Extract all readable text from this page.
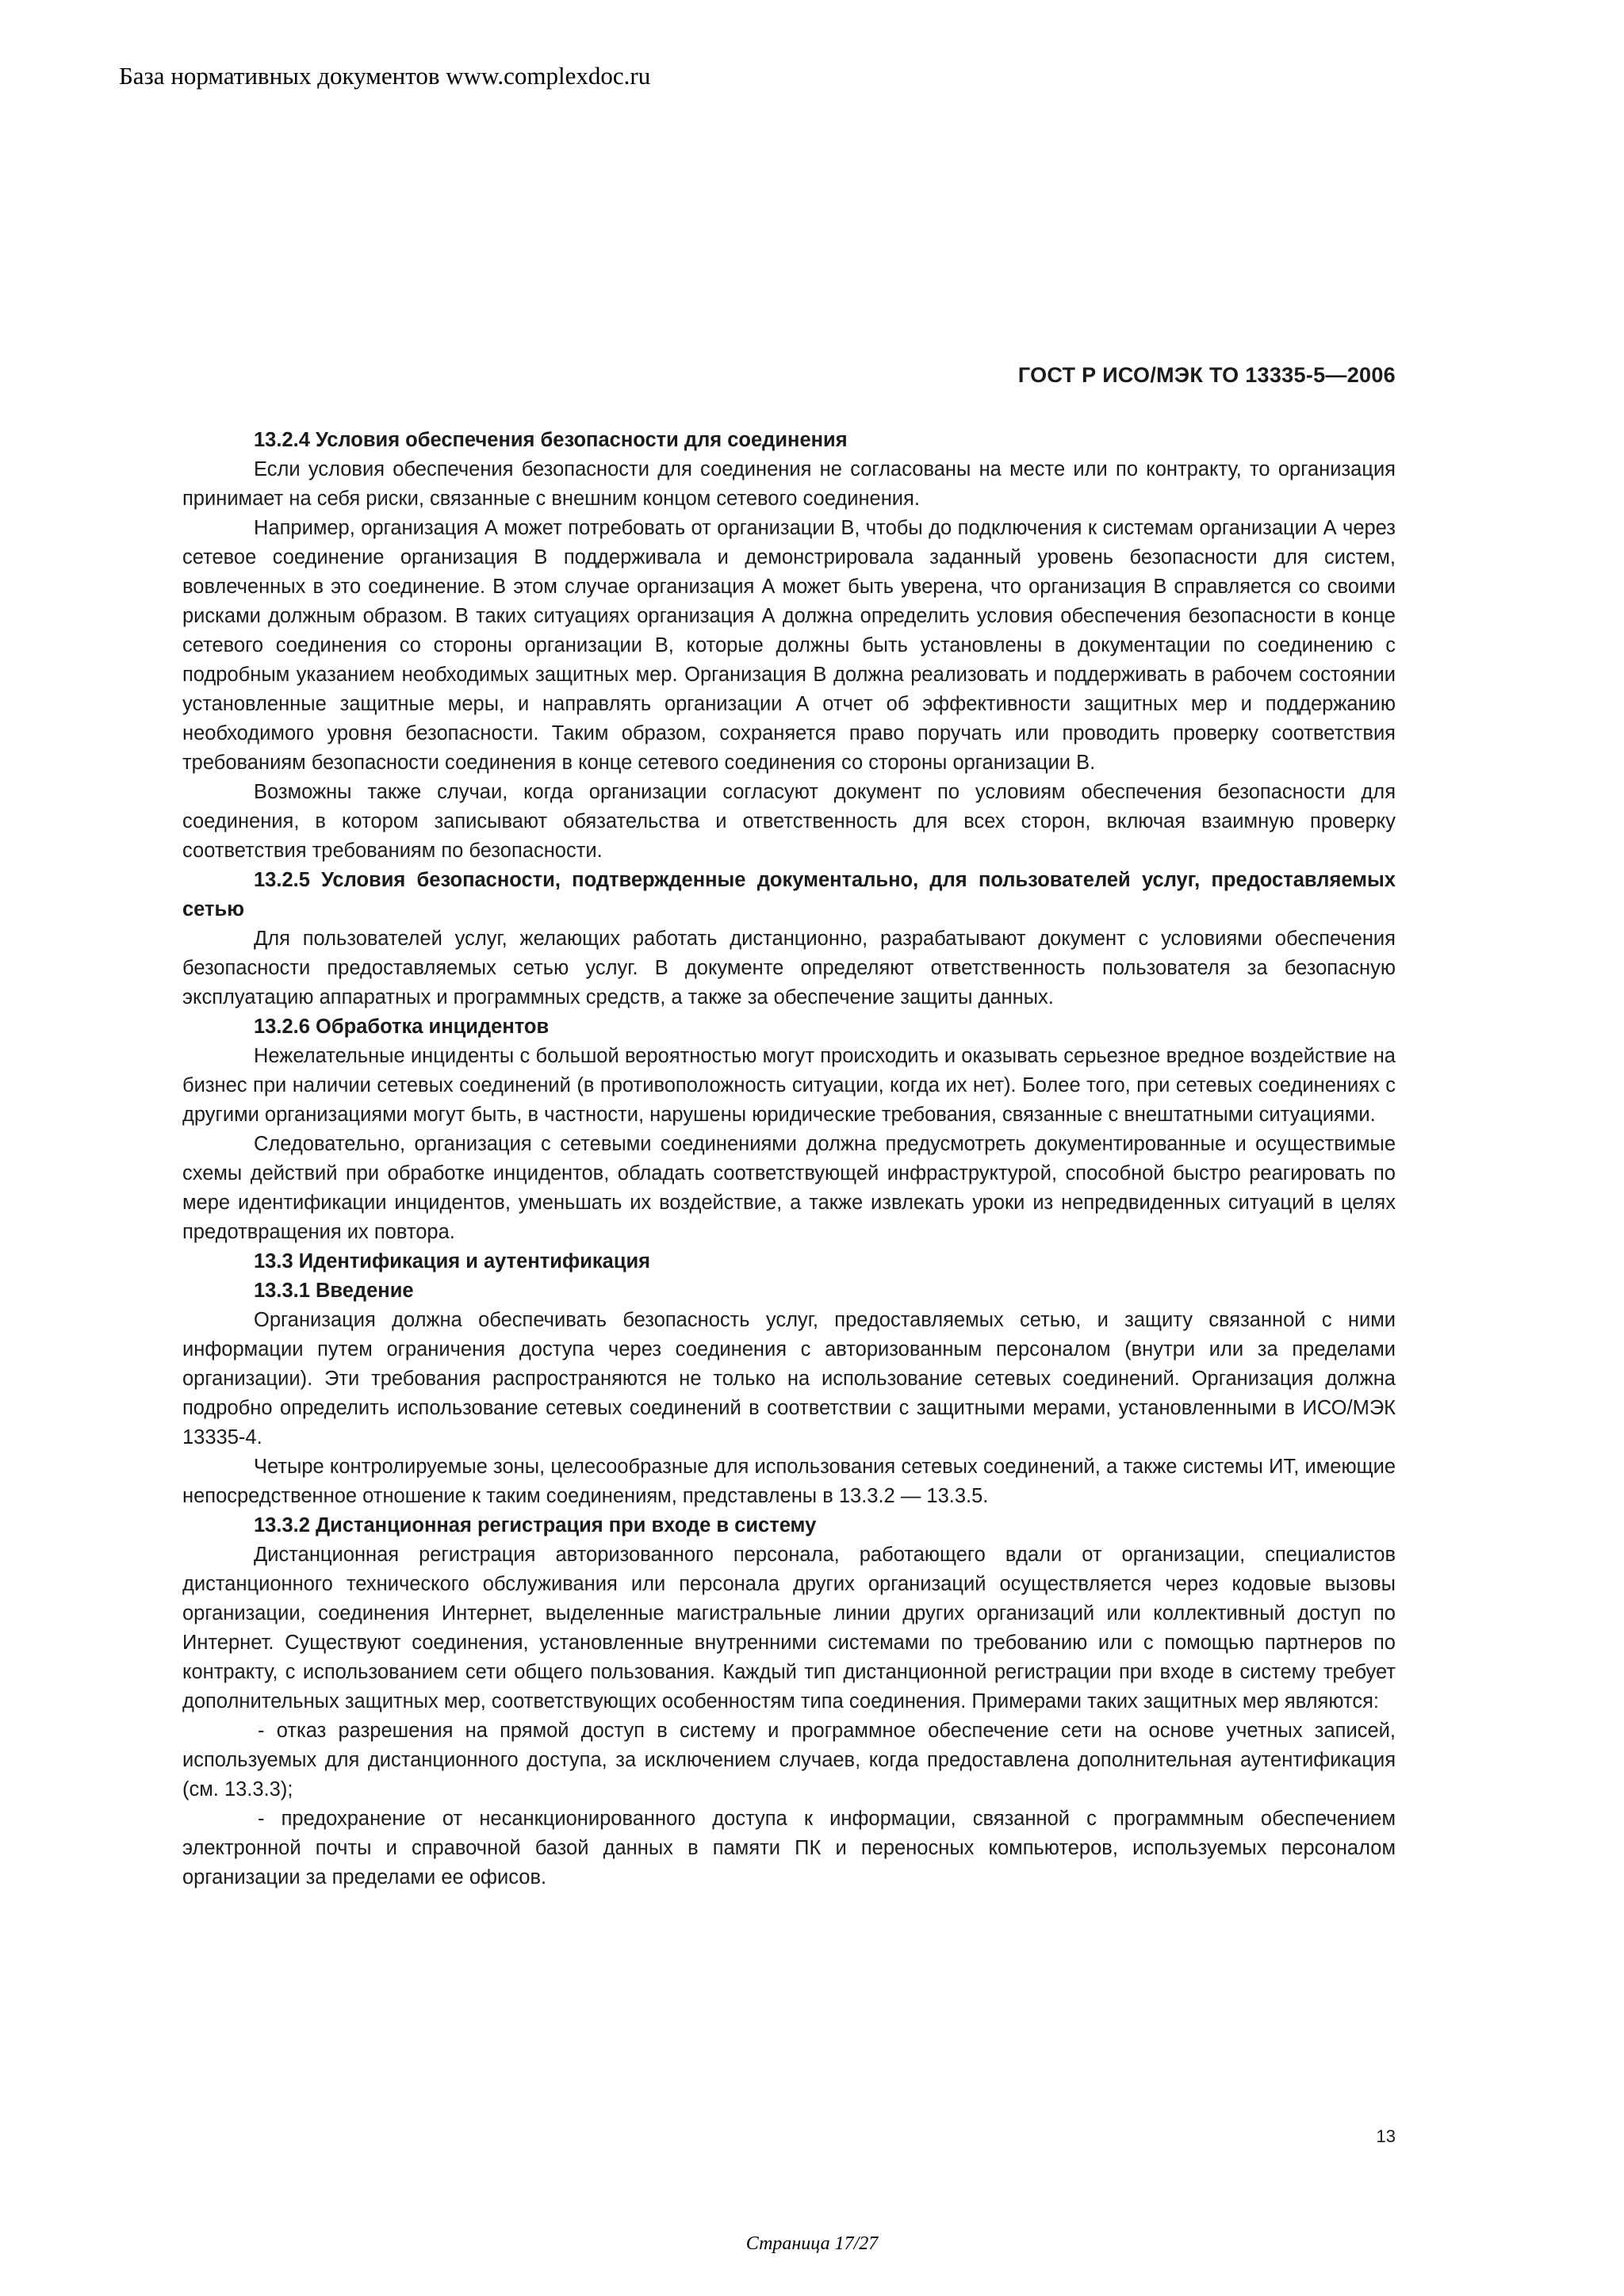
База нормативных документов www.complexdoc.ru
ГОСТ Р ИСО/МЭК ТО 13335-5—2006

13.2.4 Условия обеспечения безопасности для соединения

Если условия обеспечения безопасности для соединения не согласованы на месте или по контракту, то организация принимает на себя риски, связанные с внешним концом сетевого соединения.

Например, организация А может потребовать от организации В, чтобы до подключения к системам организации А через сетевое соединение организация В поддерживала и демонстрировала заданный уровень безопасности для систем, вовлеченных в это соединение. В этом случае организация А может быть уверена, что организация В справляется со своими рисками должным образом. В таких ситуациях организация А должна определить условия обеспечения безопасности в конце сетевого соединения со стороны организации В, которые должны быть установлены в документации по соединению с подробным указанием необходимых защитных мер. Организация В должна реализовать и поддерживать в рабочем состоянии установленные защитные меры, и направлять организации А отчет об эффективности защитных мер и поддержанию необходимого уровня безопасности. Таким образом, сохраняется право поручать или проводить проверку соответствия требованиям безопасности соединения в конце сетевого соединения со стороны организации В.

Возможны также случаи, когда организации согласуют документ по условиям обеспечения безопасности для соединения, в котором записывают обязательства и ответственность для всех сторон, включая взаимную проверку соответствия требованиям по безопасности.

13.2.5 Условия безопасности, подтвержденные документально, для пользователей услуг, предоставляемых сетью

Для пользователей услуг, желающих работать дистанционно, разрабатывают документ с условиями обеспечения безопасности предоставляемых сетью услуг. В документе определяют ответственность пользователя за безопасную эксплуатацию аппаратных и программных средств, а также за обеспечение защиты данных.

13.2.6 Обработка инцидентов

Нежелательные инциденты с большой вероятностью могут происходить и оказывать серьезное вредное воздействие на бизнес при наличии сетевых соединений (в противоположность ситуации, когда их нет). Более того, при сетевых соединениях с другими организациями могут быть, в частности, нарушены юридические требования, связанные с внештатными ситуациями.

Следовательно, организация с сетевыми соединениями должна предусмотреть документированные и осуществимые схемы действий при обработке инцидентов, обладать соответствующей инфраструктурой, способной быстро реагировать по мере идентификации инцидентов, уменьшать их воздействие, а также извлекать уроки из непредвиденных ситуаций в целях предотвращения их повтора.

13.3 Идентификация и аутентификация

13.3.1 Введение

Организация должна обеспечивать безопасность услуг, предоставляемых сетью, и защиту связанной с ними информации путем ограничения доступа через соединения с авторизованным персоналом (внутри или за пределами организации). Эти требования распространяются не только на использование сетевых соединений. Организация должна подробно определить использование сетевых соединений в соответствии с защитными мерами, установленными в ИСО/МЭК 13335-4.

Четыре контролируемые зоны, целесообразные для использования сетевых соединений, а также системы ИТ, имеющие непосредственное отношение к таким соединениям, представлены в 13.3.2 — 13.3.5.

13.3.2 Дистанционная регистрация при входе в систему

Дистанционная регистрация авторизованного персонала, работающего вдали от организации, специалистов дистанционного технического обслуживания или персонала других организаций осуществляется через кодовые вызовы организации, соединения Интернет, выделенные магистральные линии других организаций или коллективный доступ по Интернет. Существуют соединения, установленные внутренними системами по требованию или с помощью партнеров по контракту, с использованием сети общего пользования. Каждый тип дистанционной регистрации при входе в систему требует дополнительных защитных мер, соответствующих особенностям типа соединения. Примерами таких защитных мер являются:

- отказ разрешения на прямой доступ в систему и программное обеспечение сети на основе учетных записей, используемых для дистанционного доступа, за исключением случаев, когда предоставлена дополнительная аутентификация (см. 13.3.3);

- предохранение от несанкционированного доступа к информации, связанной с программным обеспечением электронной почты и справочной базой данных в памяти ПК и переносных компьютеров, используемых персоналом организации за пределами ее офисов.

13
Страница 17/27
